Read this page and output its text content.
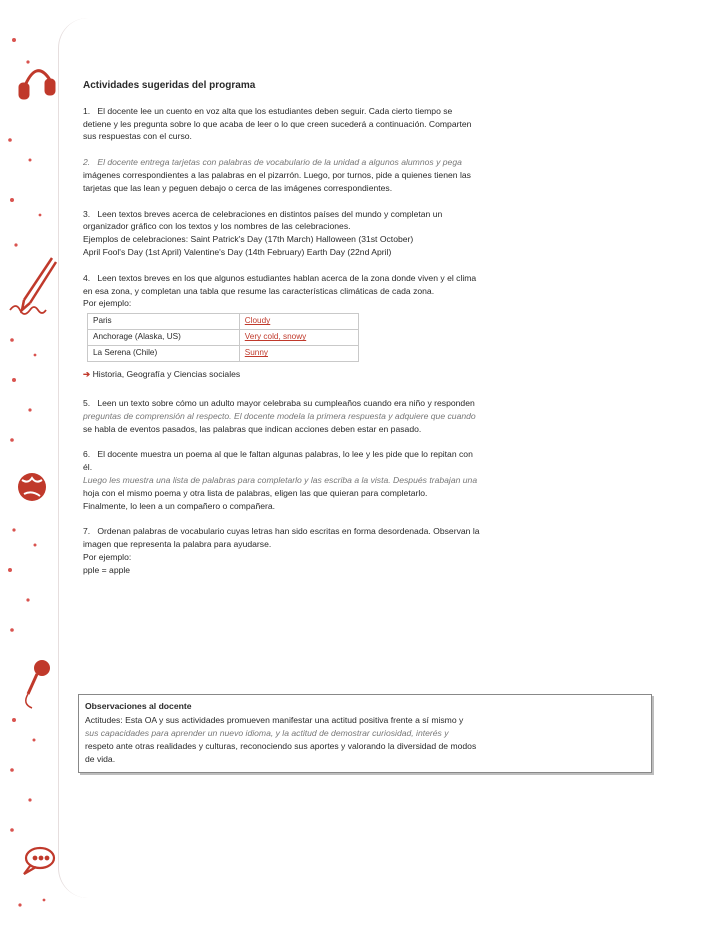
Actividades sugeridas del programa

1. El docente lee un cuento en voz alta que los estudiantes deben seguir. Cada cierto tiempo se

detiene y les pregunta sobre lo que acaba de leer o lo que creen sucederá a continuación. Comparten

sus respuestas con el curso.

2. El docente entrega tarjetas con palabras de vocabulario de la unidad a algunos alumnos y pega

imágenes correspondientes a las palabras en el pizarrón. Luego, por turnos, pide a quienes tienen las

tarjetas que las lean y peguen debajo o cerca de las imágenes correspondientes.

3. Leen textos breves acerca de celebraciones en distintos países del mundo y completan un

organizador gráfico con los textos y los nombres de las celebraciones.

Ejemplos de celebraciones: Saint Patrick's Day (17th March) Halloween (31st October)

April Fool's Day (1st April) Valentine's Day (14th February) Earth Day (22nd April)

4. Leen textos breves en los que algunos estudiantes hablan acerca de la zona donde viven y el clima

en esa zona, y completan una tabla que resume las características climáticas de cada zona.

Por ejemplo:

Paris	Cloudy
Anchorage (Alaska, US)	Very cold, snowy
La Serena (Chile)	Sunny
➔ Historia, Geografía y Ciencias sociales

5. Leen un texto sobre cómo un adulto mayor celebraba su cumpleaños cuando era niño y responden

preguntas de comprensión al respecto. El docente modela la primera respuesta y adquiere que cuando

se habla de eventos pasados, las palabras que indican acciones deben estar en pasado.

6. El docente muestra un poema al que le faltan algunas palabras, lo lee y les pide que lo repitan con

él.

Luego les muestra una lista de palabras para completarlo y las escriba a la vista. Después trabajan una

hoja con el mismo poema y otra lista de palabras, eligen las que quieran para completarlo.

Finalmente, lo leen a un compañero o compañera.

7. Ordenan palabras de vocabulario cuyas letras han sido escritas en forma desordenada. Observan la

imagen que representa la palabra para ayudarse.

Por ejemplo:

pple = apple

Observaciones al docente

Actitudes: Esta OA y sus actividades promueven manifestar una actitud positiva frente a sí mismo y

sus capacidades para aprender un nuevo idioma, y la actitud de demostrar curiosidad, interés y

respeto ante otras realidades y culturas, reconociendo sus aportes y valorando la diversidad de modos

de vida.
